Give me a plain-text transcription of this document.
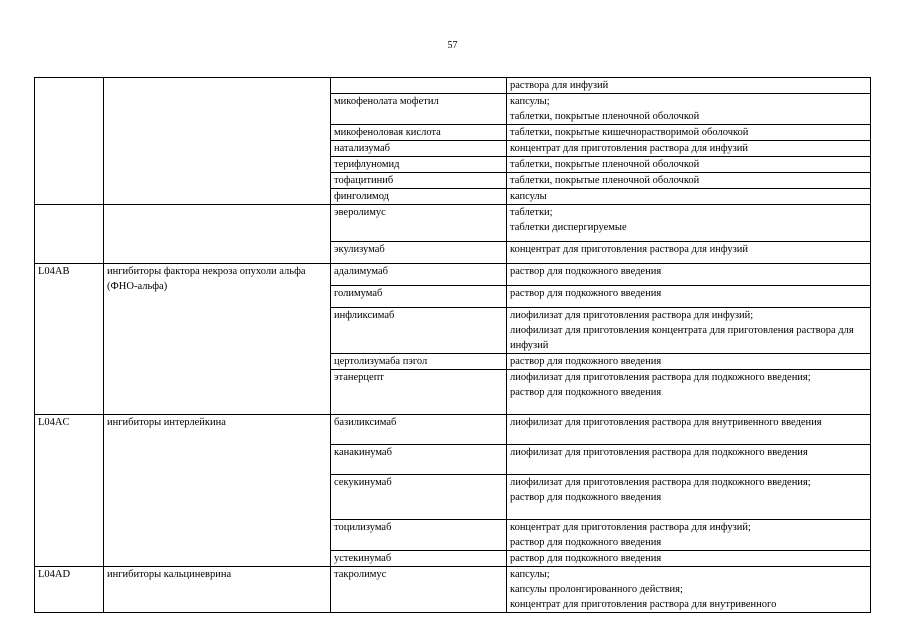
57
			раствора для инфузий
		микофенолата мофетил	капсулы;
таблетки, покрытые пленочной оболочкой
		микофеноловая кислота	таблетки, покрытые кишечнорастворимой оболочкой
		натализумаб	концентрат для приготовления раствора для инфузий
		терифлуномид	таблетки, покрытые пленочной оболочкой
		тофацитиниб	таблетки, покрытые пленочной оболочкой
		финголимод	капсулы
		эверолимус	таблетки;
таблетки диспергируемые
		экулизумаб	концентрат для приготовления раствора для инфузий
L04AB	ингибиторы фактора некроза опухоли альфа (ФНО-альфа)	адалимумаб	раствор для подкожного введения
		голимумаб	раствор для подкожного введения
		инфликсимаб	лиофилизат для приготовления раствора для инфузий;
лиофилизат для приготовления концентрата для приготовления раствора для инфузий
		цертолизумаба пэгол	раствор для подкожного введения
		этанерцепт	лиофилизат для приготовления раствора для подкожного введения;
раствор для подкожного введения
L04AC	ингибиторы интерлейкина	базиликсимаб	лиофилизат для приготовления раствора для внутривенного введения
		канакинумаб	лиофилизат для приготовления раствора для подкожного введения
		секукинумаб	лиофилизат для приготовления раствора для подкожного введения;
раствор для подкожного введения
		тоцилизумаб	концентрат для приготовления раствора для инфузий;
раствор для подкожного введения
		устекинумаб	раствор для подкожного введения
L04AD	ингибиторы кальциневрина	такролимус	капсулы;
капсулы пролонгированного действия;
концентрат для приготовления раствора для внутривенного
